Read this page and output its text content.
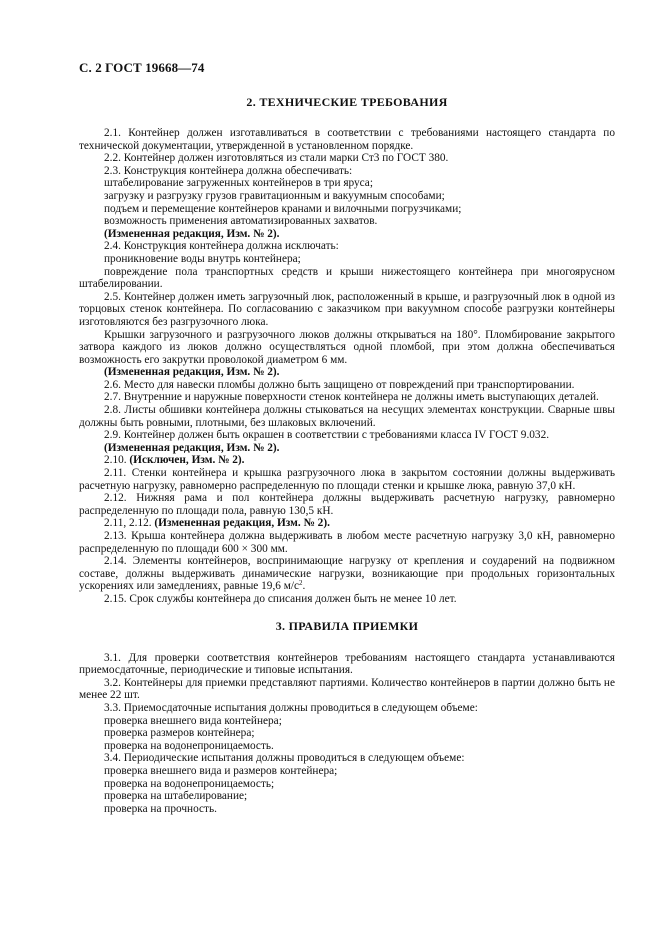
С. 2 ГОСТ 19668—74
2. ТЕХНИЧЕСКИЕ ТРЕБОВАНИЯ

2.1. Контейнер должен изготавливаться в соответствии с требованиями настоящего стандарта по технической документации, утвержденной в установленном порядке.

2.2. Контейнер должен изготовляться из стали марки Ст3 по ГОСТ 380.

2.3. Конструкция контейнера должна обеспечивать:

штабелирование загруженных контейнеров в три яруса;

загрузку и разгрузку грузов гравитационным и вакуумным способами;

подъем и перемещение контейнеров кранами и вилочными погрузчиками;

возможность применения автоматизированных захватов.

(Измененная редакция, Изм. № 2).

2.4. Конструкция контейнера должна исключать:

проникновение воды внутрь контейнера;

повреждение пола транспортных средств и крыши нижестоящего контейнера при многоярусном штабелировании.

2.5. Контейнер должен иметь загрузочный люк, расположенный в крыше, и разгрузочный люк в одной из торцовых стенок контейнера. По согласованию с заказчиком при вакуумном способе разгрузки контейнеры изготовляются без разгрузочного люка.

Крышки загрузочного и разгрузочного люков должны открываться на 180°. Пломбирование закрытого затвора каждого из люков должно осуществляться одной пломбой, при этом должна обеспечиваться возможность его закрутки проволокой диаметром 6 мм.

(Измененная редакция, Изм. № 2).

2.6. Место для навески пломбы должно быть защищено от повреждений при транспортировании.

2.7. Внутренние и наружные поверхности стенок контейнера не должны иметь выступающих деталей.

2.8. Листы обшивки контейнера должны стыковаться на несущих элементах конструкции. Сварные швы должны быть ровными, плотными, без шлаковых включений.

2.9. Контейнер должен быть окрашен в соответствии с требованиями класса IV ГОСТ 9.032.

(Измененная редакция, Изм. № 2).

2.10. (Исключен, Изм. № 2).

2.11. Стенки контейнера и крышка разгрузочного люка в закрытом состоянии должны выдерживать расчетную нагрузку, равномерно распределенную по площади стенки и крышке люка, равную 37,0 кН.

2.12. Нижняя рама и пол контейнера должны выдерживать расчетную нагрузку, равномерно распределенную по площади пола, равную 130,5 кН.

2.11, 2.12. (Измененная редакция, Изм. № 2).

2.13. Крыша контейнера должна выдерживать в любом месте расчетную нагрузку 3,0 кН, равномерно распределенную по площади 600 × 300 мм.

2.14. Элементы контейнеров, воспринимающие нагрузку от крепления и соударений на подвижном составе, должны выдерживать динамические нагрузки, возникающие при продольных горизонтальных ускорениях или замедлениях, равные 19,6 $м/с^2$.

2.15. Срок службы контейнера до списания должен быть не менее 10 лет.

3. ПРАВИЛА ПРИЕМКИ

3.1. Для проверки соответствия контейнеров требованиям настоящего стандарта устанавливаются приемосдаточные, периодические и типовые испытания.

3.2. Контейнеры для приемки представляют партиями. Количество контейнеров в партии должно быть не менее 22 шт.

3.3. Приемосдаточные испытания должны проводиться в следующем объеме:

проверка внешнего вида контейнера;

проверка размеров контейнера;

проверка на водонепроницаемость.

3.4. Периодические испытания должны проводиться в следующем объеме:

проверка внешнего вида и размеров контейнера;

проверка на водонепроницаемость;

проверка на штабелирование;

проверка на прочность.
